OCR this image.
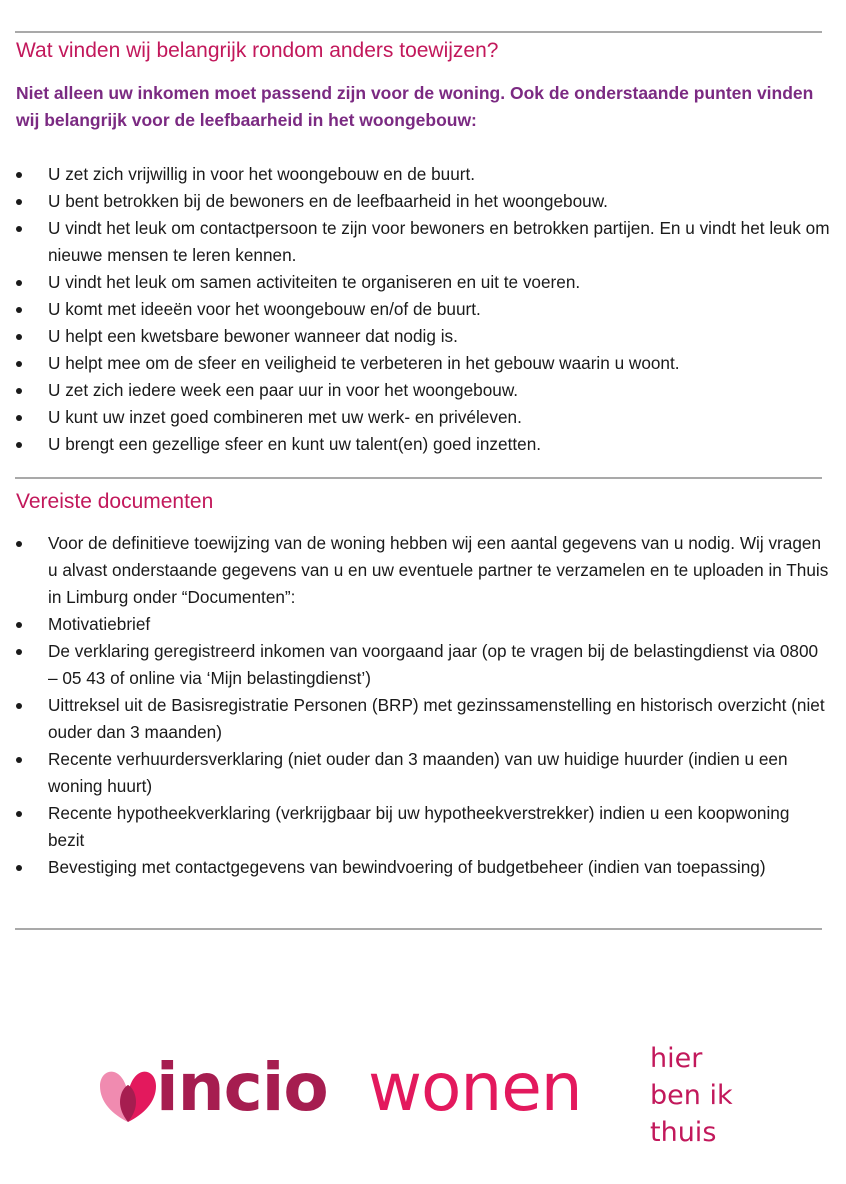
Wat vinden wij belangrijk rondom anders toewijzen?

Niet alleen uw inkomen moet passend zijn voor de woning. Ook de onderstaande punten vinden wij belangrijk voor de leefbaarheid in het woongebouw:

U zet zich vrijwillig in voor het woongebouw en de buurt.
U bent betrokken bij de bewoners en de leefbaarheid in het woongebouw.
U vindt het leuk om contactpersoon te zijn voor bewoners en betrokken partijen. En u vindt het leuk om nieuwe mensen te leren kennen.
U vindt het leuk om samen activiteiten te organiseren en uit te voeren.
U komt met ideeën voor het woongebouw en/of de buurt.
U helpt een kwetsbare bewoner wanneer dat nodig is.
U helpt mee om de sfeer en veiligheid te verbeteren in het gebouw waarin u woont.
U zet zich iedere week een paar uur in voor het woongebouw.
U kunt uw inzet goed combineren met uw werk- en privéleven.
U brengt een gezellige sfeer en kunt uw talent(en) goed inzetten.
Vereiste documenten
Voor de definitieve toewijzing van de woning hebben wij een aantal gegevens van u nodig. Wij vragen u alvast onderstaande gegevens van u en uw eventuele partner te verzamelen en te uploaden in Thuis in Limburg onder “Documenten”:
Motivatiebrief
De verklaring geregistreerd inkomen van voorgaand jaar (op te vragen bij de belastingdienst via 0800 – 05 43 of online via ‘Mijn belastingdienst’)
Uittreksel uit de Basisregistratie Personen (BRP) met gezinssamenstelling en historisch overzicht (niet ouder dan 3 maanden)
Recente verhuurdersverklaring (niet ouder dan 3 maanden) van uw huidige huurder (indien u een woning huurt)
Recente hypotheekverklaring (verkrijgbaar bij uw hypotheekverstrekker) indien u een koopwoning bezit
Bevestiging met contactgegevens van bewindvoering of budgetbeheer (indien van toepassing)
incio wonen	hier
ben ik
thuis
